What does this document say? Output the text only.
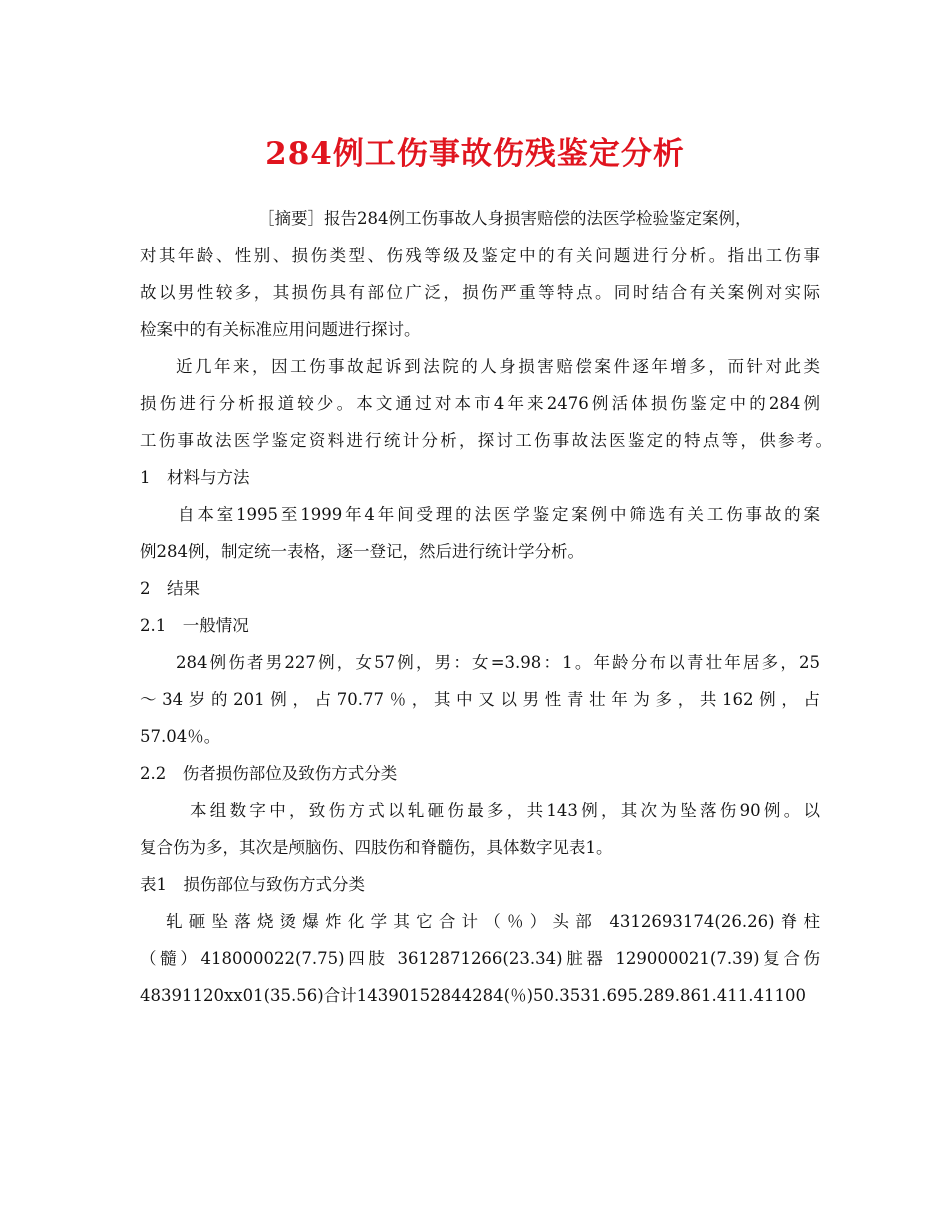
284例工伤事故伤残鉴定分析
［摘要］报告284例工伤事故人身损害赔偿的法医学检验鉴定案例，
对其年龄、性别、损伤类型、伤残等级及鉴定中的有关问题进行分析。指出工伤事
故以男性较多，其损伤具有部位广泛，损伤严重等特点。同时结合有关案例对实际
检案中的有关标准应用问题进行探讨。
近几年来，因工伤事故起诉到法院的人身损害赔偿案件逐年增多，而针对此类
损伤进行分析报道较少。本文通过对本市4年来2476例活体损伤鉴定中的284例
工伤事故法医学鉴定资料进行统计分析，探讨工伤事故法医鉴定的特点等，供参考。
1　材料与方法
自本室1995至1999年4年间受理的法医学鉴定案例中筛选有关工伤事故的案
例284例，制定统一表格，逐一登记，然后进行统计学分析。
2　结果
2.1　一般情况
284例伤者男227例，女57例，男：女=3.98：1。年龄分布以青壮年居多，25
～34岁的201例，占70.77％，其中又以男性青壮年为多，共162例，占
57.04％。
2.2　伤者损伤部位及致伤方式分类
本组数字中，致伤方式以轧砸伤最多，共143例，其次为坠落伤90例。以
复合伤为多，其次是颅脑伤、四肢伤和脊髓伤，具体数字见表1。
表1　损伤部位与致伤方式分类
轧砸坠落烧烫爆炸化学其它合计（％）头部 4312693174(26.26)脊柱
（髓）418000022(7.75)四肢 3612871266(23.34)脏器 129000021(7.39)复合伤
48391120xx01(35.56)合计14390152844284(％)50.3531.695.289.861.411.41100
